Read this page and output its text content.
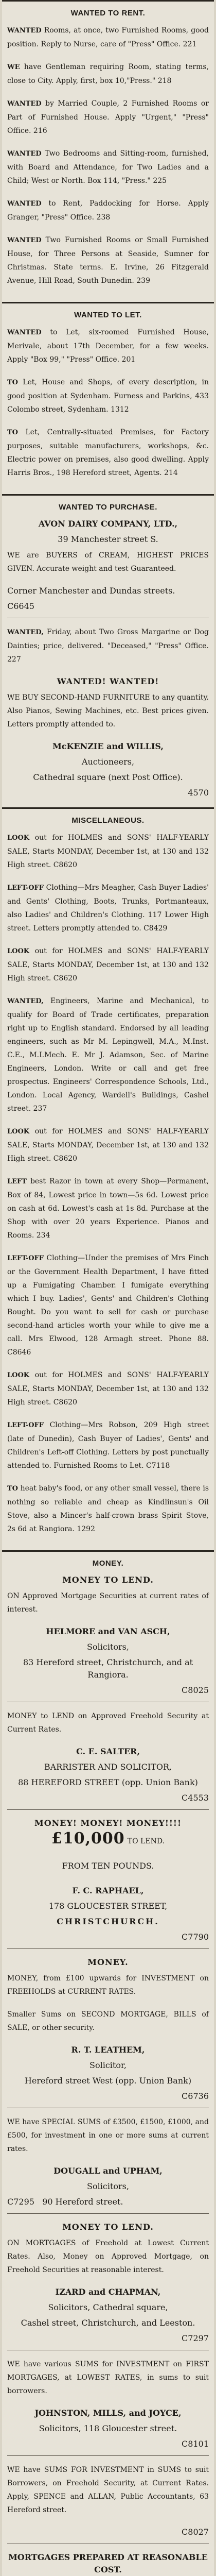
WANTED TO RENT.

WANTED Rooms, at once, two Furnished Rooms, good position. Reply to Nurse, care of "Press" Office. 221

WE have Gentleman requiring Room, stating terms, close to City. Apply, first, box 10,"Press." 218

WANTED by Married Couple, 2 Furnished Rooms or Part of Furnished House. Apply "Urgent," "Press" Office. 216

WANTED Two Bedrooms and Sitting-room, furnished, with Board and Attendance, for Two Ladies and a Child; West or North. Box 114, "Press." 225

WANTED to Rent, Paddocking for Horse. Apply Granger, "Press" Office. 238

WANTED Two Furnished Rooms or Small Furnished House, for Three Persons at Seaside, Sumner for Christmas. State terms. E. Irvine, 26 Fitzgerald Avenue, Hill Road, South Dunedin. 239

WANTED TO LET.

WANTED to Let, six-roomed Furnished House, Merivale, about 17th December, for a few weeks. Apply "Box 99," "Press" Office. 201

TO Let, House and Shops, of every description, in good position at Sydenham. Furness and Parkins, 433 Colombo street, Sydenham. 1312

TO Let, Centrally-situated Premises, for Factory purposes, suitable manufacturers, workshops, &c. Electric power on premises, also good dwelling. Apply Harris Bros., 198 Hereford street, Agents. 214

WANTED TO PURCHASE.
AVON DAIRY COMPANY, LTD.,
39 Manchester street S.

WE are BUYERS of CREAM, HIGHEST PRICES GIVEN. Accurate weight and test Guaranteed.

Corner Manchester and Dundas streets.
C6645

WANTED, Friday, about Two Gross Margarine or Dog Dainties; price, delivered. "Deceased," "Press" Office. 227

WANTED! WANTED!

WE BUY SECOND-HAND FURNITURE to any quantity. Also Pianos, Sewing Machines, etc. Best prices given. Letters promptly attended to.

McKENZIE and WILLIS,
Auctioneers,
Cathedral square (next Post Office).
4570
MISCELLANEOUS.

LOOK out for HOLMES and SONS' HALF-YEARLY SALE, Starts MONDAY, December 1st, at 130 and 132 High street. C8620

LEFT-OFF Clothing—Mrs Meagher, Cash Buyer Ladies' and Gents' Clothing, Boots, Trunks, Portmanteaux, also Ladies' and Children's Clothing. 117 Lower High street. Letters promptly attended to. C8429

LOOK out for HOLMES and SONS' HALF-YEARLY SALE, Starts MONDAY, December 1st, at 130 and 132 High street. C8620

WANTED, Engineers, Marine and Mechanical, to qualify for Board of Trade certificates, preparation right up to English standard. Endorsed by all leading engineers, such as Mr M. Lepingwell, M.A., M.Inst. C.E., M.I.Mech. E. Mr J. Adamson, Sec. of Marine Engineers, London. Write or call and get free prospectus. Engineers' Correspondence Schools, Ltd., London. Local Agency, Wardell's Buildings, Cashel street. 237

LOOK out for HOLMES and SONS' HALF-YEARLY SALE, Starts MONDAY, December 1st, at 130 and 132 High street. C8620

LEFT best Razor in town at every Shop—Permanent, Box of 84, Lowest price in town—5s 6d. Lowest price on cash at 6d. Lowest's cash at 1s 8d. Purchase at the Shop with over 20 years Experience. Pianos and Rooms. 234

LEFT-OFF Clothing—Under the premises of Mrs Finch or the Government Health Department, I have fitted up a Fumigating Chamber. I fumigate everything which I buy. Ladies', Gents' and Children's Clothing Bought. Do you want to sell for cash or purchase second-hand articles worth your while to give me a call. Mrs Elwood, 128 Armagh street. Phone 88. C8646

LOOK out for HOLMES and SONS' HALF-YEARLY SALE, Starts MONDAY, December 1st, at 130 and 132 High street. C8620

LEFT-OFF Clothing—Mrs Robson, 209 High street (late of Dunedin), Cash Buyer of Ladies', Gents' and Children's Left-off Clothing. Letters by post punctually attended to. Furnished Rooms to Let. C7118

TO heat baby's food, or any other small vessel, there is nothing so reliable and cheap as Kindlinsun's Oil Stove, also a Mincer's half-crown brass Spirit Stove, 2s 6d at Rangiora. 1292

MONEY.
MONEY TO LEND.

ON Approved Mortgage Securities at current rates of interest.

HELMORE and VAN ASCH,
Solicitors,
83 Hereford street, Christchurch, and at Rangiora.
C8025

MONEY to LEND on Approved Freehold Security at Current Rates.

C. E. SALTER,
BARRISTER AND SOLICITOR,
88 HEREFORD STREET (opp. Union Bank)
C4553
MONEY! MONEY! MONEY!!!!
£10,000 TO LEND.
FROM TEN POUNDS.
F. C. RAPHAEL,
178 GLOUCESTER STREET,
CHRISTCHURCH.
C7790
MONEY.

MONEY, from £100 upwards for INVESTMENT on FREEHOLDS at CURRENT RATES.

Smaller Sums on SECOND MORTGAGE, BILLS of SALE, or other security.

R. T. LEATHEM,
Solicitor,
Hereford street West (opp. Union Bank)
C6736

WE have SPECIAL SUMS of £3500, £1500, £1000, and £500, for investment in one or more sums at current rates.

DOUGALL and UPHAM,
Solicitors,
C7295 90 Hereford street.
MONEY TO LEND.

ON MORTGAGES of Freehold at Lowest Current Rates. Also, Money on Approved Mortgage, on Freehold Securities at reasonable interest.

IZARD and CHAPMAN,
Solicitors, Cathedral square,
Cashel street, Christchurch, and Leeston.
C7297

WE have various SUMS for INVESTMENT on FIRST MORTGAGES, at LOWEST RATES, in sums to suit borrowers.

JOHNSTON, MILLS, and JOYCE,
Solicitors, 118 Gloucester street.
C8101

WE have SUMS FOR INVESTMENT in SUMS to suit Borrowers, on Freehold Security, at Current Rates. Apply, SPENCE and ALLAN, Public Accountants, 63 Hereford street.

C8027
MORTGAGES PREPARED AT REASONABLE COST.
